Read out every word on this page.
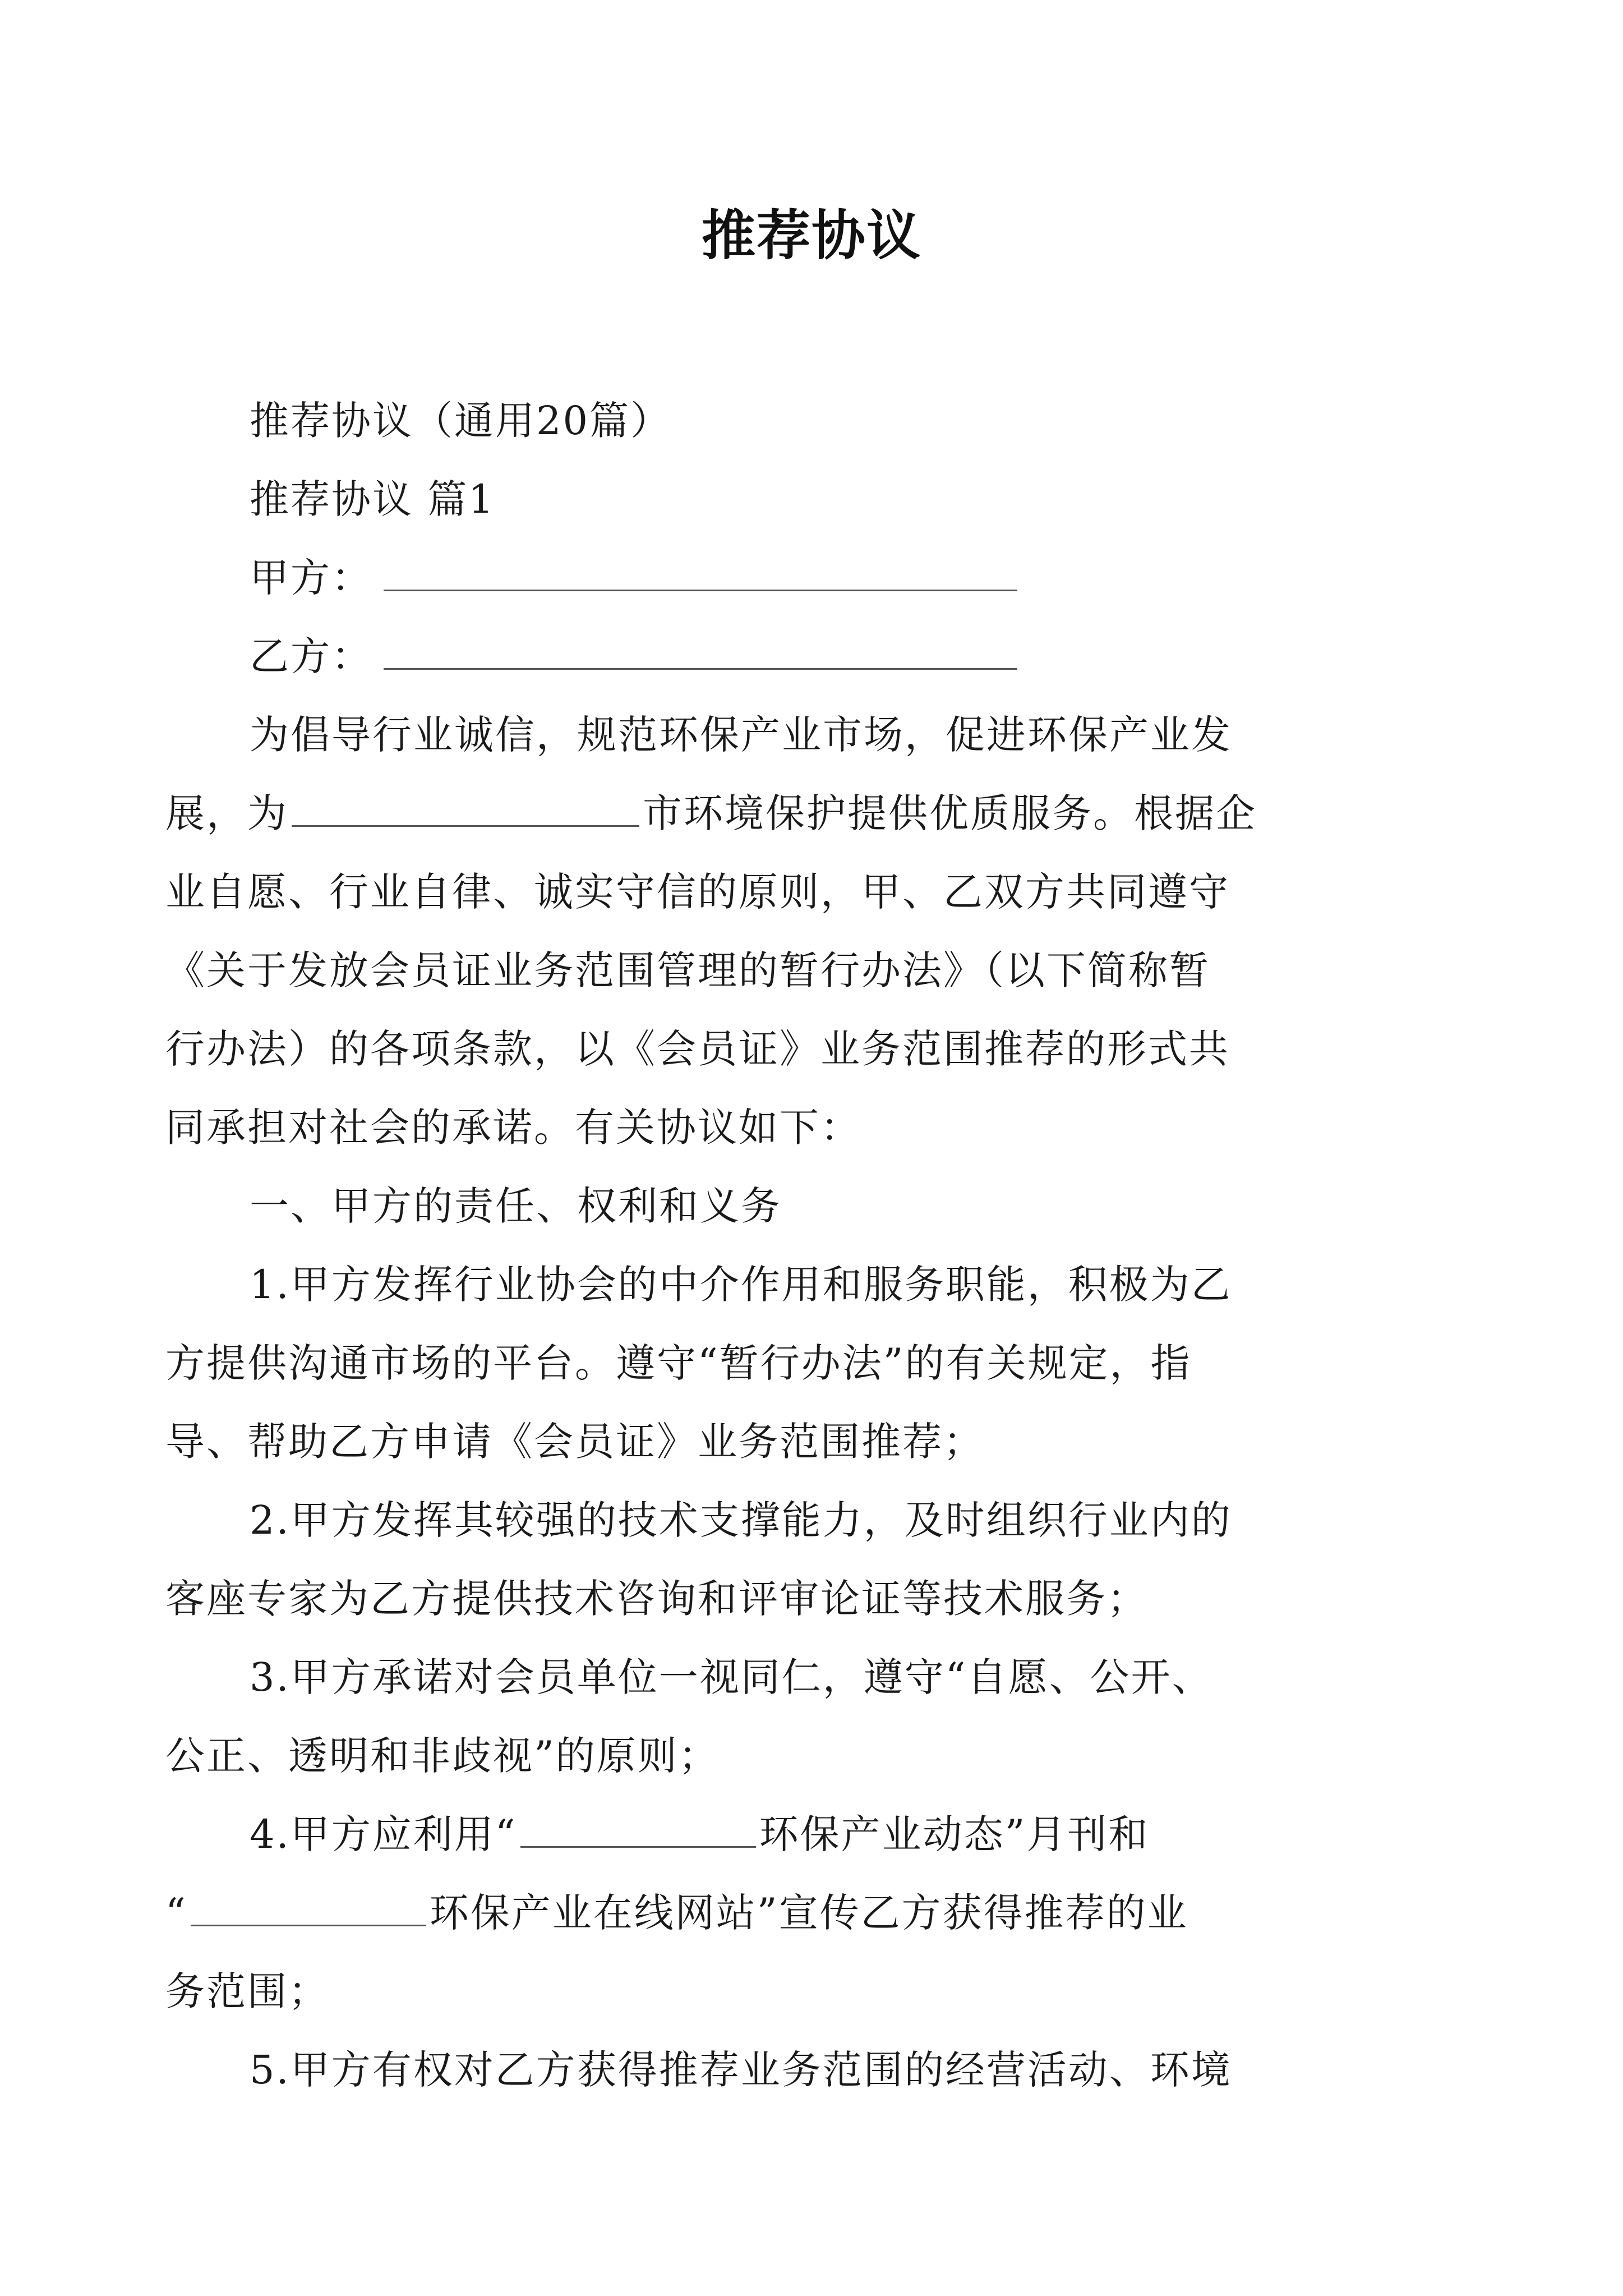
推荐协议
推荐协议（通用20篇）
推荐协议 篇1
甲方：
乙方：
为倡导行业诚信，规范环保产业市场，促进环保产业发
展，为	市环境保护提供优质服务。根据企
业自愿、行业自律、诚实守信的原则，甲、乙双方共同遵守
《关于发放会员证业务范围管理的暂行办法》（以下简称暂
行办法）的各项条款，以《会员证》业务范围推荐的形式共
同承担对社会的承诺。有关协议如下：
一、甲方的责任、权利和义务
1.甲方发挥行业协会的中介作用和服务职能，积极为乙
方提供沟通市场的平台。遵守“暂行办法”的有关规定，指
导、帮助乙方申请《会员证》业务范围推荐；
2.甲方发挥其较强的技术支撑能力，及时组织行业内的
客座专家为乙方提供技术咨询和评审论证等技术服务；
3.甲方承诺对会员单位一视同仁，遵守“自愿、公开、
公正、透明和非歧视”的原则；
4.甲方应利用“	环保产业动态”月刊和
“	环保产业在线网站”宣传乙方获得推荐的业
务范围；
5.甲方有权对乙方获得推荐业务范围的经营活动、环境
